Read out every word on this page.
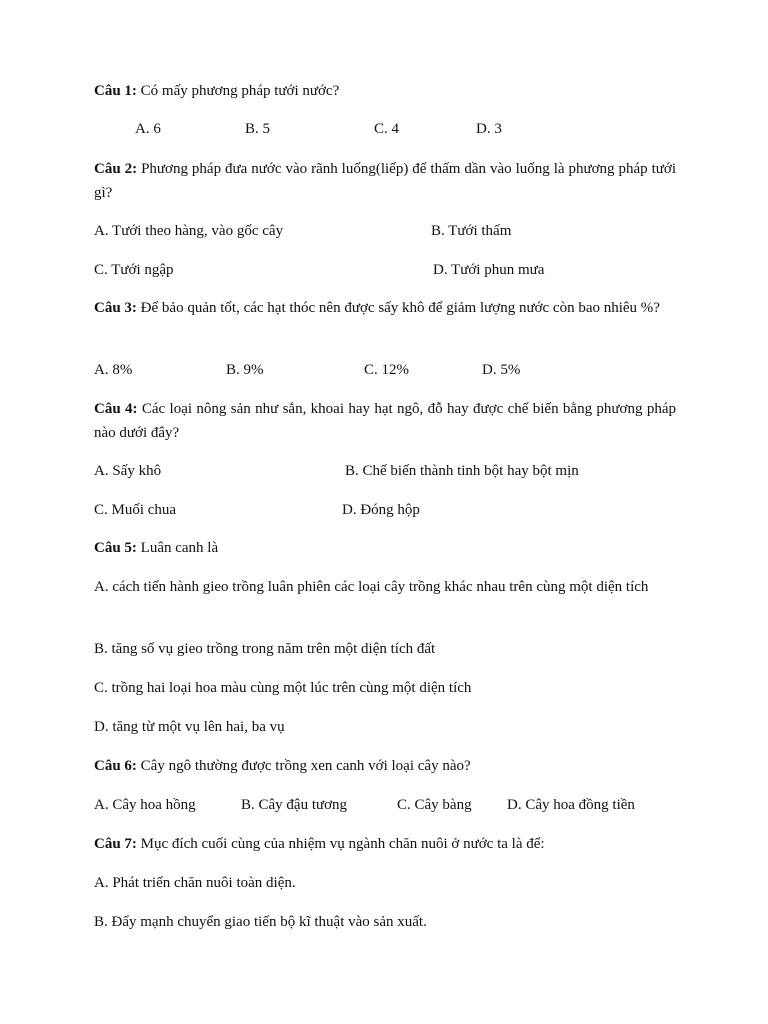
Câu 1: Có mấy phương pháp tưới nước?
A. 6	B. 5	C. 4	D. 3
Câu 2: Phương pháp đưa nước vào rãnh luống(liếp) để thấm dần vào luống là phương pháp tưới gì?
A. Tưới theo hàng, vào gốc cây	B. Tưới thấm
C. Tưới ngập	D. Tưới phun mưa
Câu 3: Để bảo quản tốt, các hạt thóc nên được sấy khô để giảm lượng nước còn bao nhiêu %?
A. 8%	B. 9%	C. 12%	D. 5%
Câu 4: Các loại nông sản như sắn, khoai hay hạt ngô, đỗ hay được chế biến bằng phương pháp nào dưới đây?
A. Sấy khô	B. Chế biến thành tinh bột hay bột mịn
C. Muối chua	D. Đóng hộp
Câu 5: Luân canh là
A. cách tiến hành gieo trồng luân phiên các loại cây trồng khác nhau trên cùng một diện tích
B. tăng số vụ gieo trồng trong năm trên một diện tích đất
C. trồng hai loại hoa màu cùng một lúc trên cùng một diện tích
D. tăng từ một vụ lên hai, ba vụ
Câu 6: Cây ngô thường được trồng xen canh với loại cây nào?
A. Cây hoa hồng	B. Cây đậu tương	C. Cây bàng D. Cây hoa đồng tiền
Câu 7: Mục đích cuối cùng của nhiệm vụ ngành chăn nuôi ở nước ta là để:
A. Phát triển chăn nuôi toàn diện.
B. Đẩy mạnh chuyển giao tiến bộ kĩ thuật vào sản xuất.
